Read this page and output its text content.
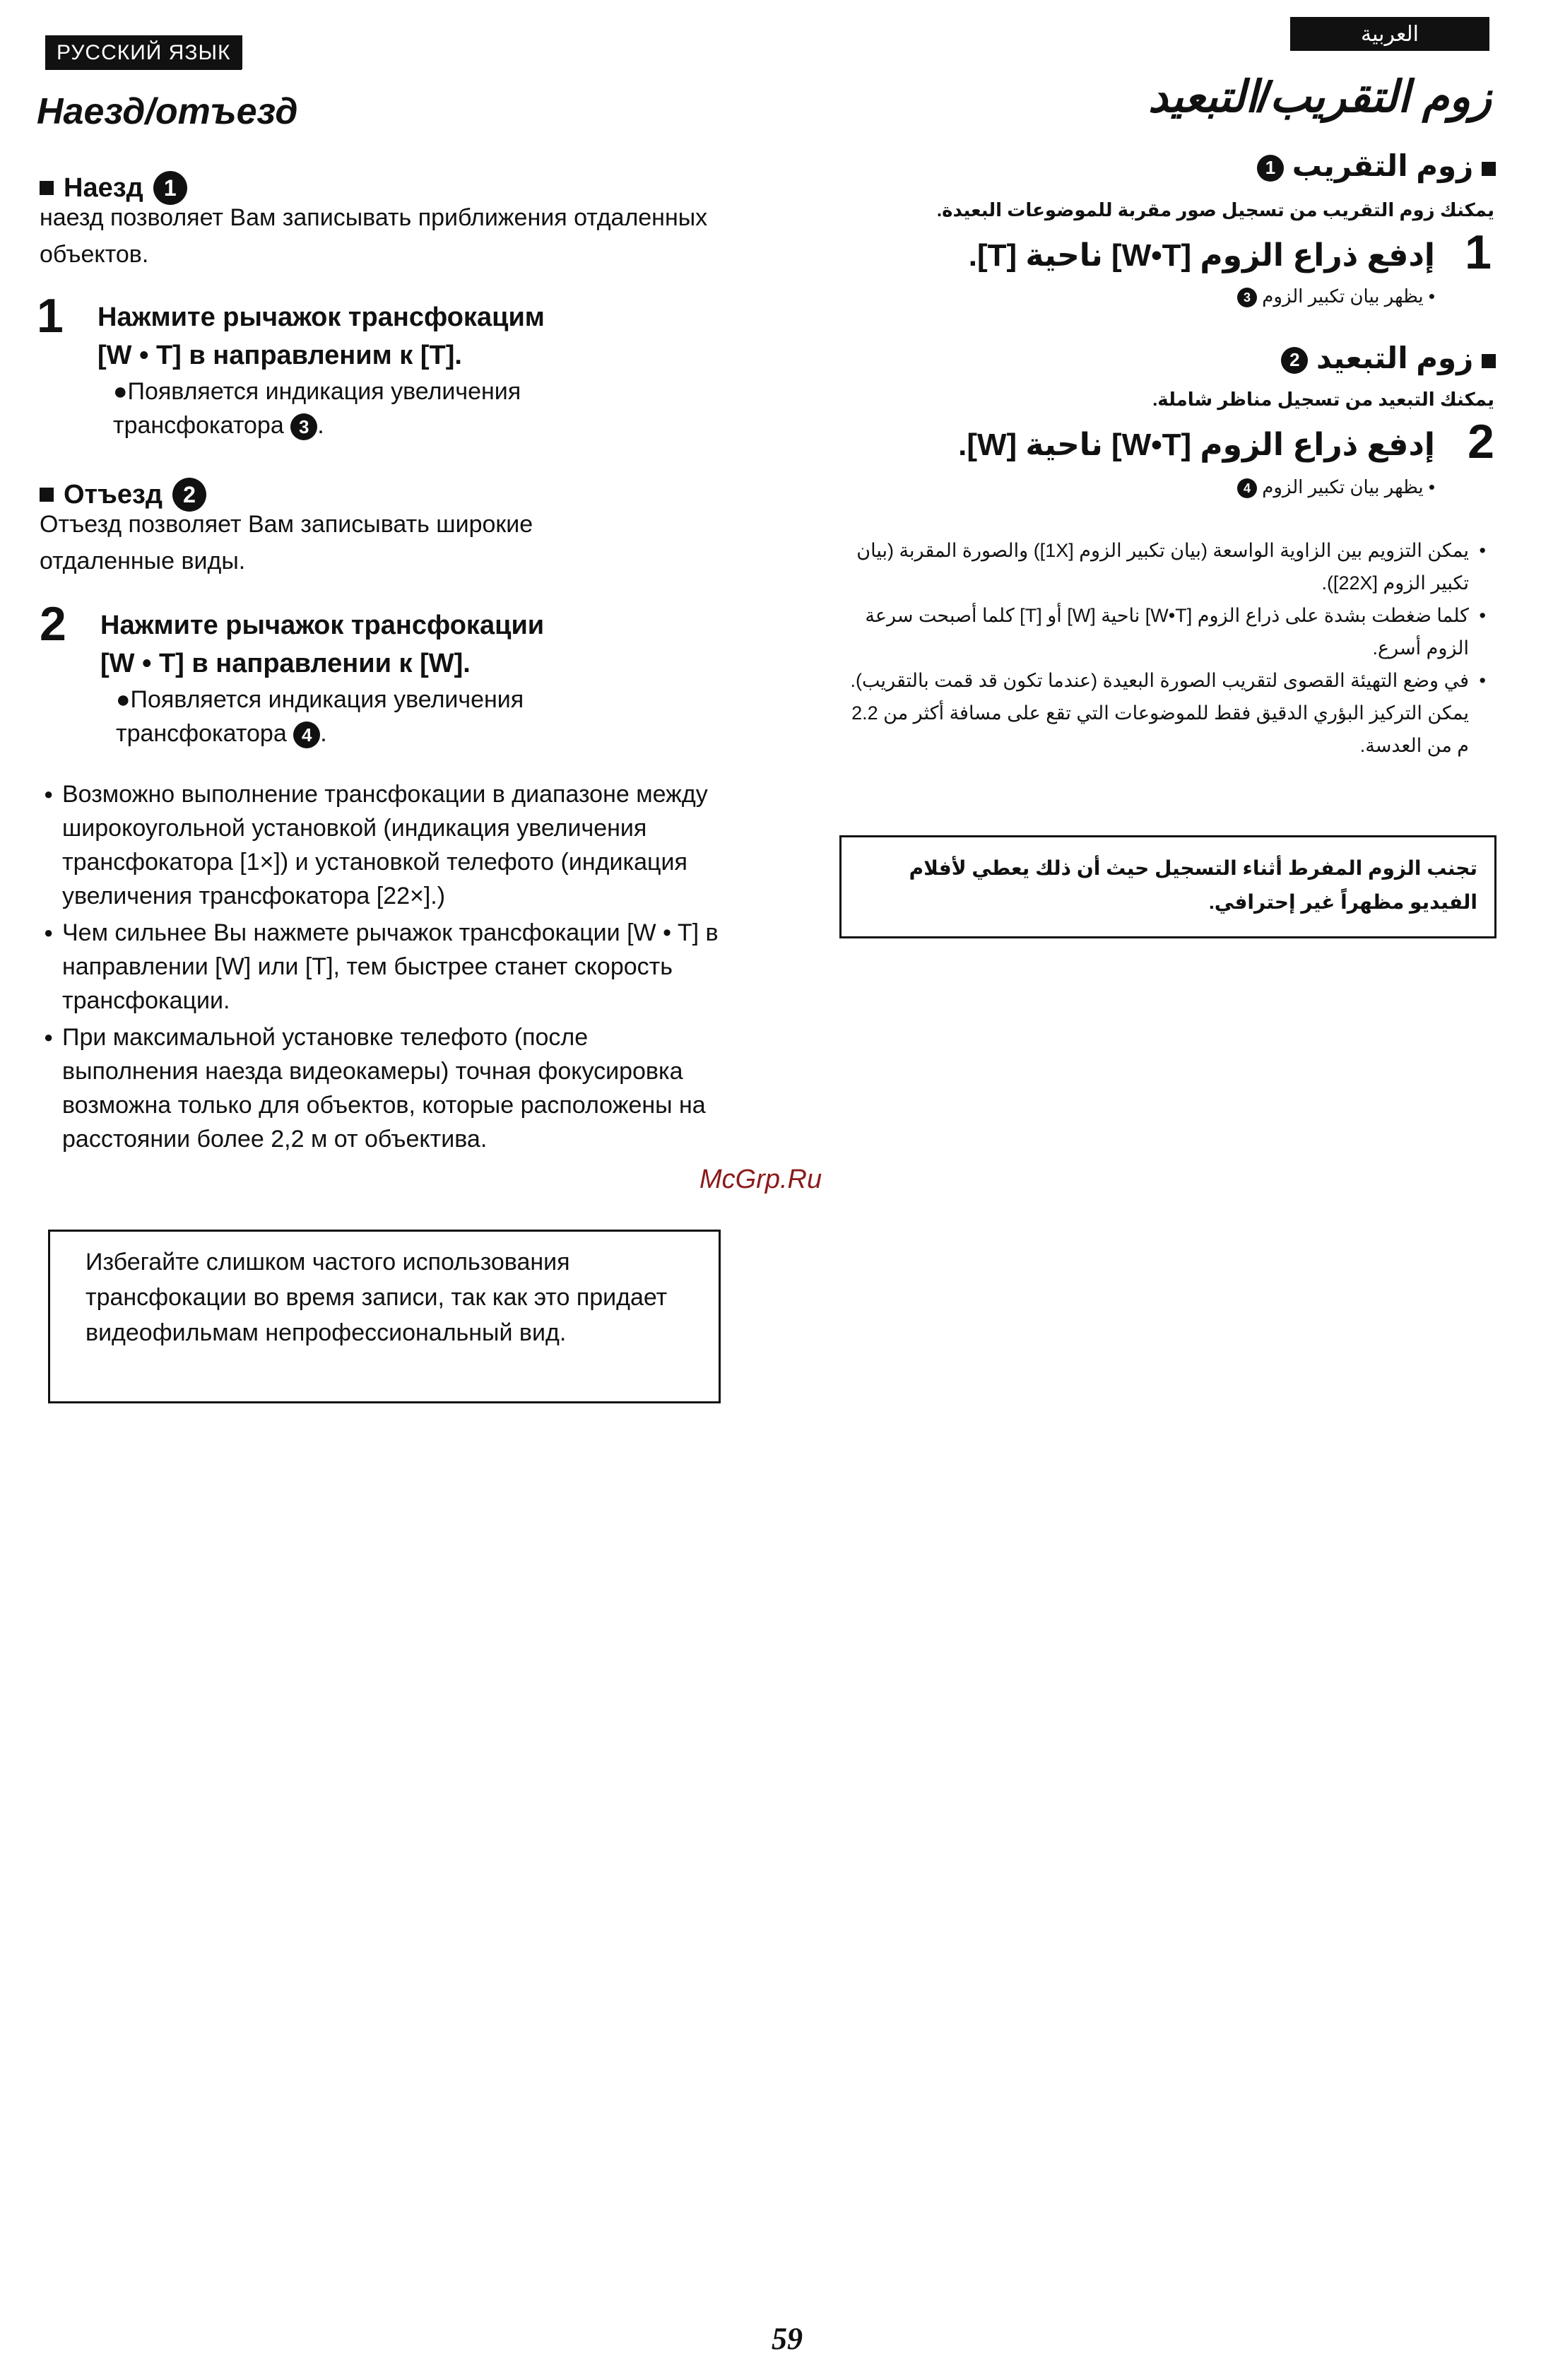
РУССКИЙ ЯЗЫК
العربية
Наезд/отъезд	زوم التقريب/التبعيد
Наезд 1
наезд позволяет Вам записывать приближения отдаленных объектов.
1 Нажмите рычажок трансфокацим
[W • T] в направленим к [T].
●Появляется индикация увеличения трансфокатора 3 .
Отъезд 2
Отъезд позволяет Вам записывать широкие отдаленные виды.
2 Нажмите рычажок трансфокации
[W • T] в направлении к [W].
●Появляется индикация увеличения трансфокатора 4 .
● Возможно выполнение трансфокации в диапазоне между широкоугольной установкой (индикация увеличения трансфокатора [1×]) и установкой телефото (индикация увеличения трансфокатора [22×].)
● Чем сильнее Вы нажмете рычажок трансфокации [W • T] в направлении [W] или [T], тем быстрее станет скорость трансфокации.
● При максимальной установке телефото (после выполнения наезда видеокамеры) точная фокусировка возможна только для объектов, которые расположены на расстоянии более 2,2 м от объектива.
Избегайте слишком частого использования трансфокации во время записи, так как это придает видеофильмам непрофессиональный вид.
زوم التقريب 1
يمكنك زوم التقريب من تسجيل صور مقربة للموضوعات البعيدة.
1
إدفع ذراع الزوم [W•T] ناحية [T].
• يظهر بيان تكبير الزوم 3
زوم التبعيد 2
يمكنك التبعيد من تسجيل مناظر شاملة.
2
إدفع ذراع الزوم [W•T] ناحية [W].
• يظهر بيان تكبير الزوم 4
• يمكن التزويم بين الزاوية الواسعة (بيان تكبير الزوم [1X]) والصورة المقربة (بيان تكبير الزوم [22X]).
• كلما ضغطت بشدة على ذراع الزوم [W•T] ناحية [W] أو [T] كلما أصبحت سرعة الزوم أسرع.
• في وضع التهيئة القصوى لتقريب الصورة البعيدة (عندما تكون قد قمت بالتقريب). يمكن التركيز البؤري الدقيق فقط للموضوعات التي تقع على مسافة أكثر من 2.2 م من العدسة.
تجنب الزوم المفرط أثناء التسجيل حيث أن ذلك يعطي لأفلام الفيديو مظهراً غير إحترافي.
McGrp.Ru
59
